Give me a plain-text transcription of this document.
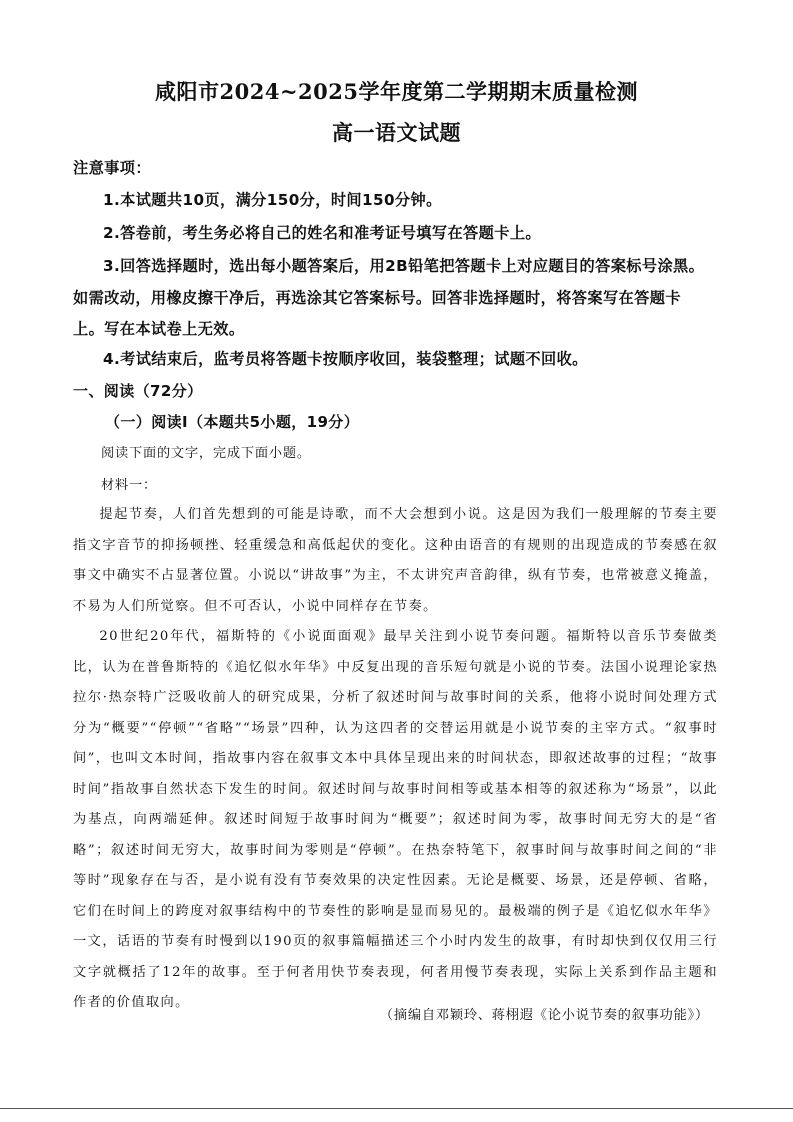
咸阳市2024~2025学年度第二学期期末质量检测
高一语文试题
注意事项：
1.本试题共10页，满分150分，时间150分钟。
2.答卷前，考生务必将自己的姓名和准考证号填写在答题卡上。
3.回答选择题时，选出每小题答案后，用2B铅笔把答题卡上对应题目的答案标号涂黑。
如需改动，用橡皮擦干净后，再选涂其它答案标号。回答非选择题时，将答案写在答题卡
上。写在本试卷上无效。
4.考试结束后，监考员将答题卡按顺序收回，装袋整理；试题不回收。
一、阅读（72分）
（一）阅读Ⅰ（本题共5小题，19分）
阅读下面的文字，完成下面小题。
材料一：

提起节奏，人们首先想到的可能是诗歌，而不大会想到小说。这是因为我们一般理解的节奏主要指文字音节的抑扬顿挫、轻重缓急和高低起伏的变化。这种由语音的有规则的出现造成的节奏感在叙事文中确实不占显著位置。小说以“讲故事”为主，不太讲究声音韵律，纵有节奏，也常被意义掩盖，不易为人们所觉察。但不可否认，小说中同样存在节奏。

20世纪20年代，福斯特的《小说面面观》最早关注到小说节奏问题。福斯特以音乐节奏做类比，认为在普鲁斯特的《追忆似水年华》中反复出现的音乐短句就是小说的节奏。法国小说理论家热拉尔·热奈特广泛吸收前人的研究成果，分析了叙述时间与故事时间的关系，他将小说时间处理方式分为“概要”“停顿”“省略”“场景”四种，认为这四者的交替运用就是小说节奏的主宰方式。“叙事时间”，也叫文本时间，指故事内容在叙事文本中具体呈现出来的时间状态，即叙述故事的过程；“故事时间”指故事自然状态下发生的时间。叙述时间与故事时间相等或基本相等的叙述称为“场景”，以此为基点，向两端延伸。叙述时间短于故事时间为“概要”；叙述时间为零，故事时间无穷大的是“省略”；叙述时间无穷大，故事时间为零则是“停顿”。在热奈特笔下，叙事时间与故事时间之间的“非等时”现象存在与否，是小说有没有节奏效果的决定性因素。无论是概要、场景，还是停顿、省略，它们在时间上的跨度对叙事结构中的节奏性的影响是显而易见的。最极端的例子是《追忆似水年华》一文，话语的节奏有时慢到以190页的叙事篇幅描述三个小时内发生的故事，有时却快到仅仅用三行文字就概括了12年的故事。至于何者用快节奏表现，何者用慢节奏表现，实际上关系到作品主题和作者的价值取向。

（摘编自邓颖玲、蒋栩遐《论小说节奏的叙事功能》）
